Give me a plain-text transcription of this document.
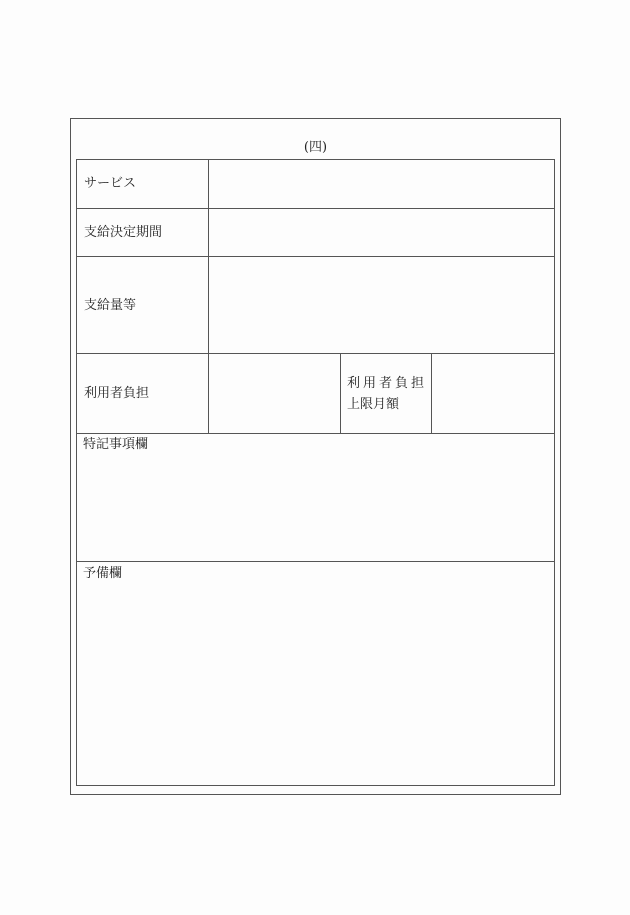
(四)
サービス
支給決定期間
支給量等
利用者負担
利用者負担
上限月額
特記事項欄
予備欄
